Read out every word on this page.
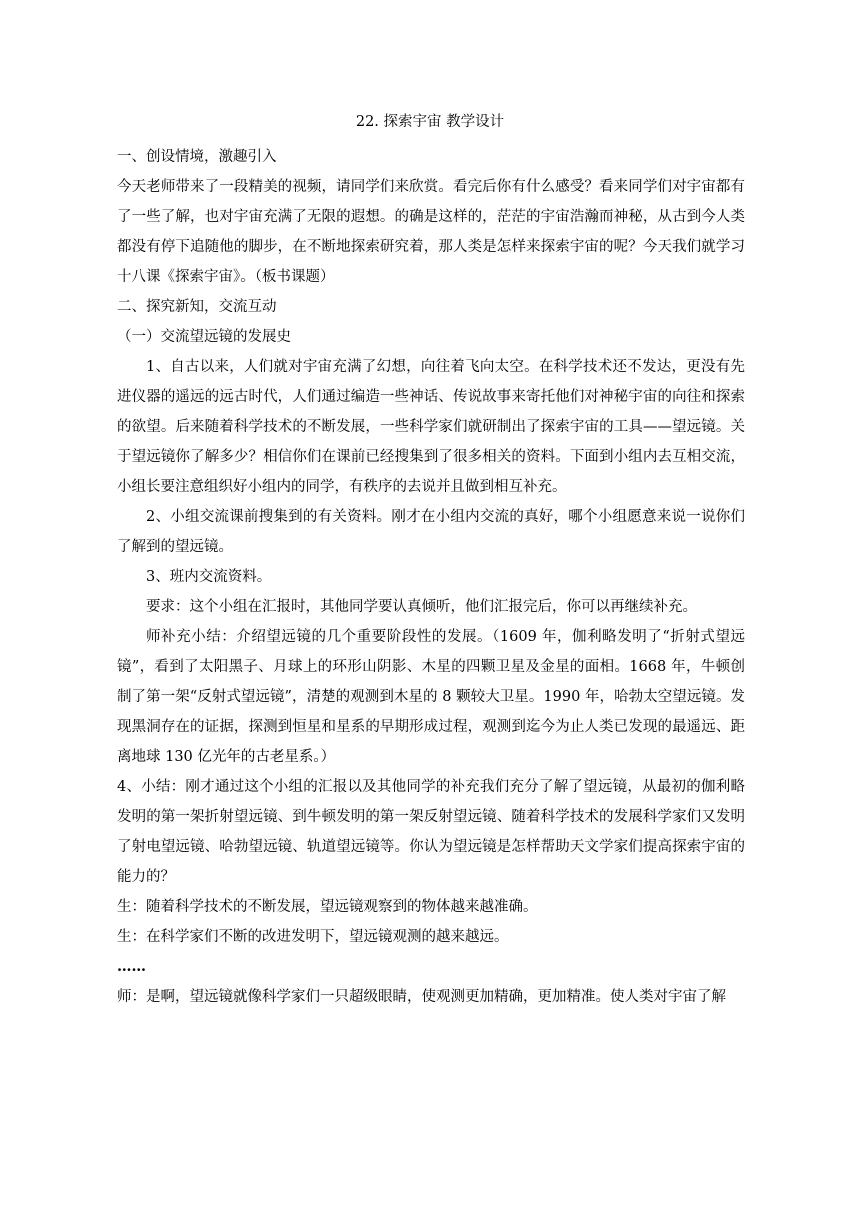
22. 探索宇宙 教学设计

一、创设情境，激趣引入

今天老师带来了一段精美的视频，请同学们来欣赏。看完后你有什么感受？看来同学们对宇宙都有了一些了解，也对宇宙充满了无限的遐想。的确是这样的，茫茫的宇宙浩瀚而神秘，从古到今人类都没有停下追随他的脚步，在不断地探索研究着，那人类是怎样来探索宇宙的呢？今天我们就学习十八课《探索宇宙》。（板书课题）

二、探究新知，交流互动

（一）交流望远镜的发展史

1、自古以来，人们就对宇宙充满了幻想，向往着飞向太空。在科学技术还不发达，更没有先进仪器的遥远的远古时代，人们通过编造一些神话、传说故事来寄托他们对神秘宇宙的向往和探索的欲望。后来随着科学技术的不断发展，一些科学家们就研制出了探索宇宙的工具——望远镜。关于望远镜你了解多少？相信你们在课前已经搜集到了很多相关的资料。下面到小组内去互相交流，小组长要注意组织好小组内的同学，有秩序的去说并且做到相互补充。

2、小组交流课前搜集到的有关资料。刚才在小组内交流的真好，哪个小组愿意来说一说你们了解到的望远镜。

3、班内交流资料。

要求：这个小组在汇报时，其他同学要认真倾听，他们汇报完后，你可以再继续补充。

师补充小结：介绍望远镜的几个重要阶段性的发展。（1609 年，伽利略发明了“折射式望远镜”，看到了太阳黑子、月球上的环形山阴影、木星的四颗卫星及金星的面相。1668 年，牛顿创制了第一架“反射式望远镜”，清楚的观测到木星的 8 颗较大卫星。1990 年，哈勃太空望远镜。发现黑洞存在的证据，探测到恒星和星系的早期形成过程，观测到迄今为止人类已发现的最遥远、距离地球 130 亿光年的古老星系。）

4、小结：刚才通过这个小组的汇报以及其他同学的补充我们充分了解了望远镜，从最初的伽利略发明的第一架折射望远镜、到牛顿发明的第一架反射望远镜、随着科学技术的发展科学家们又发明了射电望远镜、哈勃望远镜、轨道望远镜等。你认为望远镜是怎样帮助天文学家们提高探索宇宙的能力的？

生：随着科学技术的不断发展，望远镜观察到的物体越来越准确。

生：在科学家们不断的改进发明下，望远镜观测的越来越远。

……

师：是啊，望远镜就像科学家们一只超级眼睛，使观测更加精确，更加精准。使人类对宇宙了解
